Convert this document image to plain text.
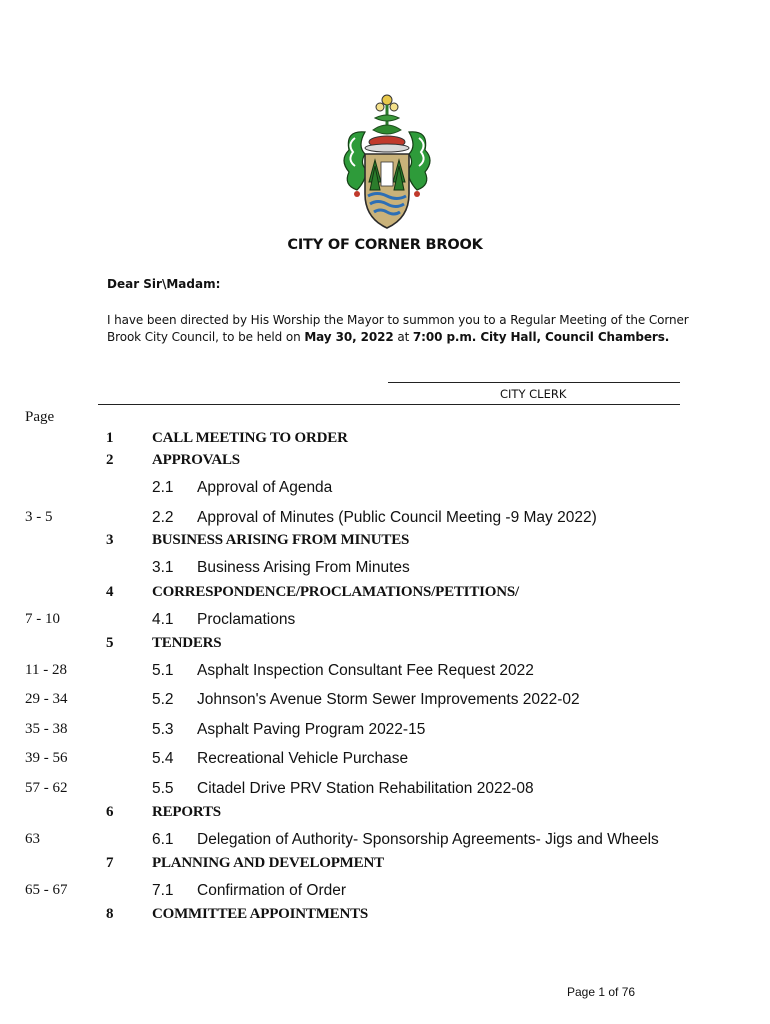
CITY OF CORNER BROOK
Dear Sir\Madam:
I have been directed by His Worship the Mayor to summon you to a Regular Meeting of the Corner
Brook City Council, to be held on May 30, 2022 at 7:00 p.m. City Hall, Council Chambers.
CITY CLERK
Page
1	CALL MEETING TO ORDER
2	APPROVALS
2.1 Approval of Agenda
3 - 5	2.2 Approval of Minutes (Public Council Meeting -9 May 2022)
3	BUSINESS ARISING FROM MINUTES
3.1 Business Arising From Minutes
4	CORRESPONDENCE/PROCLAMATIONS/PETITIONS/
7 - 10	4.1 Proclamations
5	TENDERS
11 - 28	5.1 Asphalt Inspection Consultant Fee Request 2022
29 - 34	5.2 Johnson's Avenue Storm Sewer Improvements 2022-02
35 - 38	5.3 Asphalt Paving Program 2022-15
39 - 56	5.4 Recreational Vehicle Purchase
57 - 62	5.5 Citadel Drive PRV Station Rehabilitation 2022-08
6	REPORTS
63	6.1 Delegation of Authority- Sponsorship Agreements- Jigs and Wheels
7	PLANNING AND DEVELOPMENT
65 - 67	7.1 Confirmation of Order
8	COMMITTEE APPOINTMENTS
Page 1 of 76
